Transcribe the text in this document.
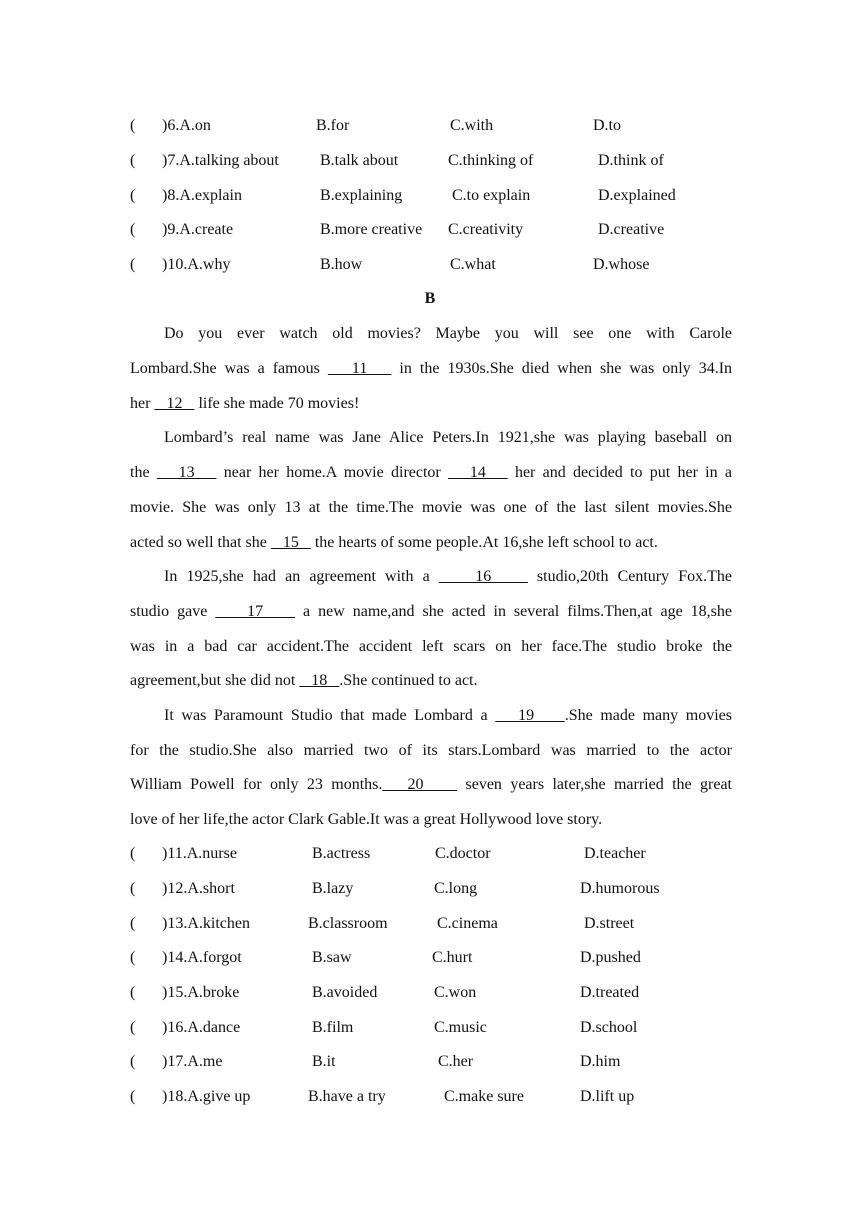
( )6.A.on	B.for	C.with	D.to
( )7.A.talking about	B.talk about	C.thinking of	D.think of
( )8.A.explain	B.explaining	C.to explain	D.explained
( )9.A.create	B.more creative C.creativity	D.creative
( )10.A.why	B.how	C.what	D.whose
B
Do you ever watch old movies? Maybe you will see one with Carole
Lombard.She was a famous    11    in the 1930s.She died when she was only 34.In
her    12    life she made 70 movies!
Lombard’s real name was Jane Alice Peters.In 1921,she was playing baseball on
the    13    near her home.A movie director    14    her and decided to put her in a
movie. She was only 13 at the time.The movie was one of the last silent movies.She
acted so well that she    15    the hearts of some people.At 16,she left school to act.
In 1925,she had an agreement with a     16     studio,20th Century Fox.The
studio gave     17     a new name,and she acted in several films.Then,at age 18,she
was in a bad car accident.The accident left scars on her face.The studio broke the
agreement,but she did not    18   .She continued to act.
It was Paramount Studio that made Lombard a    19    .She made many movies
for the studio.She also married two of its stars.Lombard was married to the actor
William Powell for only 23 months.   20     seven years later,she married the great
love of her life,the actor Clark Gable.It was a great Hollywood love story.
( )11.A.nurse	B.actress	C.doctor	D.teacher
( )12.A.short	B.lazy	C.long	D.humorous
( )13.A.kitchen	B.classroom	C.cinema	D.street
( )14.A.forgot	B.saw	C.hurt	D.pushed
( )15.A.broke	B.avoided	C.won	D.treated
( )16.A.dance	B.film	C.music	D.school
( )17.A.me	B.it	C.her	D.him
( )18.A.give up	B.have a try	C.make sure	D.lift up
